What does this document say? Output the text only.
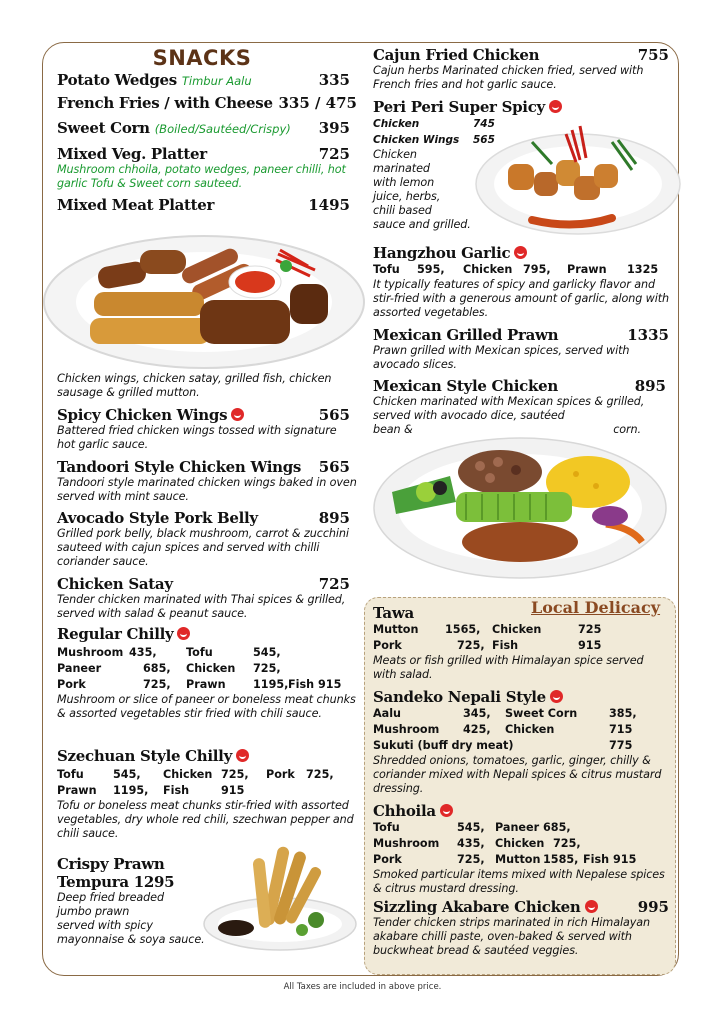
SNACKS
Potato Wedges Timbur Aalu	335
French Fries / with Cheese 335 / 475
Sweet Corn (Boiled/Sautéed/Crispy) 395
Mixed Veg. Platter	725
Mushroom chhoila, potato wedges, paneer chilli, hot garlic Tofu & Sweet corn sauteed.
Mixed Meat Platter	1495
Chicken wings, chicken satay, grilled fish, chicken sausage & grilled mutton.
Spicy Chicken Wings	565
Battered fried chicken wings tossed with signature hot garlic sauce.
Tandoori Style Chicken Wings 565
Tandoori style marinated chicken wings baked in oven served with mint sauce.
Avocado Style Pork Belly	895
Grilled pork belly, black mushroom, carrot & zucchini sauteed with cajun spices and served with chilli coriander sauce.
Chicken Satay	725
Tender chicken marinated with Thai spices & grilled, served with salad & peanut sauce.
Regular Chilly
Mushroom 435,	Tofu	545,
Paneer	685,	Chicken	725,
Pork	725,	Prawn	1195, Fish 915
Mushroom or slice of paneer or boneless meat chunks & assorted vegetables stir fried with chili sauce.
Szechuan Style Chilly
Tofu	545,	Chicken 725,	Pork 725,
Prawn	1195,	Fish	915
Tofu or boneless meat chunks stir-fried with assorted vegetables, dry whole red chili, szechwan pepper and chili sauce.
Crispy Prawn
Tempura 1295
Deep fried breaded
jumbo prawn
served with spicy
mayonnaise & soya sauce.
Cajun Fried Chicken	755
Cajun herbs Marinated chicken fried, served with French fries and hot garlic sauce.
Peri Peri Super Spicy
Chicken	745
Chicken Wings	565
Chicken
marinated
with lemon
juice, herbs,
chili based
sauce and grilled.
Hangzhou Garlic
Tofu	595,	Chicken 795,	Prawn	1325
It typically features of spicy and garlicky flavor and stir-fried with a generous amount of garlic, along with assorted vegetables.
Mexican Grilled Prawn	1335
Prawn grilled with Mexican spices, served with avocado slices.
Mexican Style Chicken	895
Chicken marinated with Mexican spices & grilled, served with avocado dice, sautéed
bean &	corn.
Local Delicacy
Tawa
Mutton	1565,	Chicken	725
Pork	725, Fish	915
Meats or fish grilled with Himalayan spice served with salad.
Sandeko Nepali Style
Aalu	345,	Sweet Corn	385,
Mushroom	425,	Chicken	715
Sukuti (buff dry meat)	775
Shredded onions, tomatoes, garlic, ginger, chilly & coriander mixed with Nepali spices & citrus mustard dressing.
Chhoila
Tofu	545, Paneer 685,
Mushroom	435, Chicken 725,
Pork	725, Mutton 1585, Fish 915
Smoked particular items mixed with Nepalese spices & citrus mustard dressing.
Sizzling Akabare Chicken	995
Tender chicken strips marinated in rich Himalayan akabare chilli paste, oven-baked & served with buckwheat bread & sautéed veggies.
All Taxes are included in above price.
